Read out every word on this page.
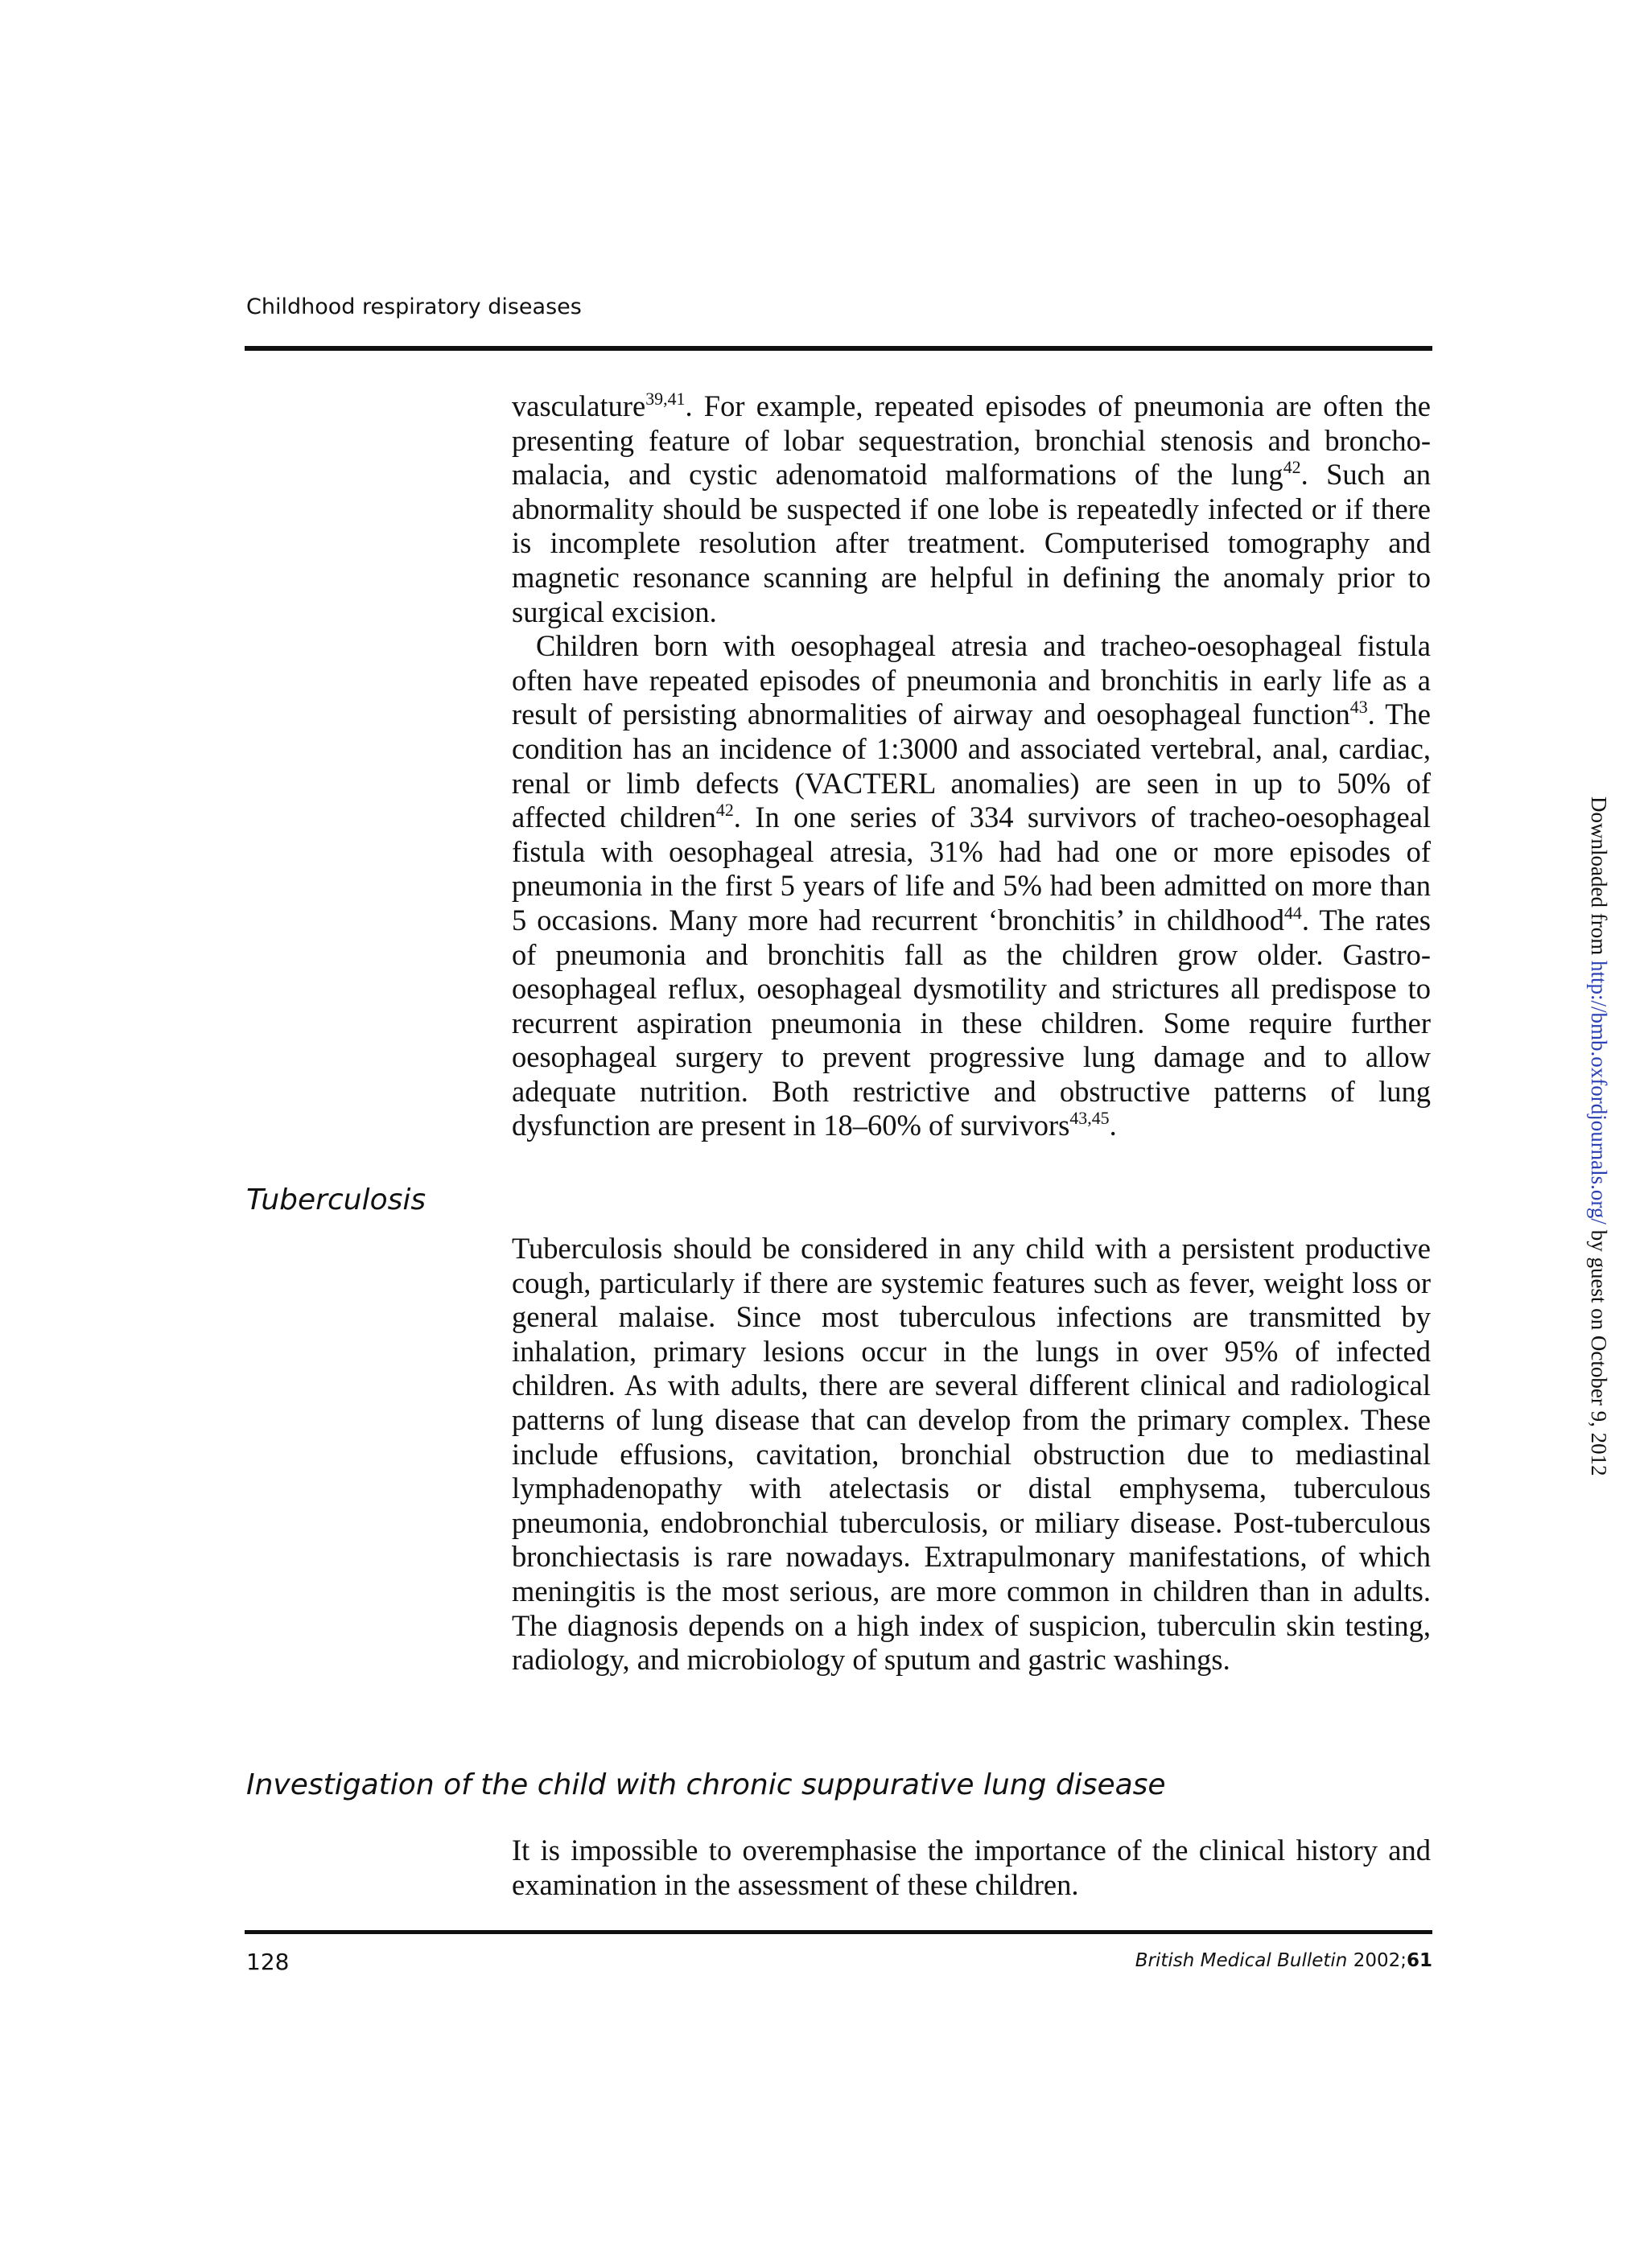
Childhood respiratory diseases

vasculature$^{39,41}$. For example, repeated episodes of pneumonia are often the presenting feature of lobar sequestration, bronchial stenosis and bronchomalacia, and cystic adenomatoid malformations of the lung$^{42}$. Such an abnormality should be suspected if one lobe is repeatedly infected or if there is incomplete resolution after treatment. Computerised tomography and magnetic resonance scanning are helpful in defining the anomaly prior to surgical excision.

Children born with oesophageal atresia and tracheo-oesophageal fistula often have repeated episodes of pneumonia and bronchitis in early life as a result of persisting abnormalities of airway and oesophageal function$^{43}$. The condition has an incidence of 1:3000 and associated vertebral, anal, cardiac, renal or limb defects (VACTERL anomalies) are seen in up to 50% of affected children$^{42}$. In one series of 334 survivors of tracheo-oesophageal fistula with oesophageal atresia, 31% had had one or more episodes of pneumonia in the first 5 years of life and 5% had been admitted on more than 5 occasions. Many more had recurrent ‘bronchitis’ in childhood$^{44}$. The rates of pneumonia and bronchitis fall as the children grow older. Gastro-oesophageal reflux, oesophageal dysmotility and strictures all predispose to recurrent aspiration pneumonia in these children. Some require further oesophageal surgery to prevent progressive lung damage and to allow adequate nutrition. Both restrictive and obstructive patterns of lung dysfunction are present in 18–60% of survivors$^{43,45}$.

Tuberculosis

Tuberculosis should be considered in any child with a persistent productive cough, particularly if there are systemic features such as fever, weight loss or general malaise. Since most tuberculous infections are transmitted by inhalation, primary lesions occur in the lungs in over 95% of infected children. As with adults, there are several different clinical and radiological patterns of lung disease that can develop from the primary complex. These include effusions, cavitation, bronchial obstruction due to mediastinal lymphadenopathy with atelectasis or distal emphysema, tuberculous pneumonia, endobronchial tuberculosis, or miliary disease. Post-tuberculous bronchiectasis is rare nowadays. Extrapulmonary manifestations, of which meningitis is the most serious, are more common in children than in adults. The diagnosis depends on a high index of suspicion, tuberculin skin testing, radiology, and microbiology of sputum and gastric washings.

Investigation of the child with chronic suppurative lung disease

It is impossible to overemphasise the importance of the clinical history and examination in the assessment of these children.

128	British Medical Bulletin 2002;61
Downloaded from http://bmb.oxfordjournals.org/ by guest on October 9, 2012
